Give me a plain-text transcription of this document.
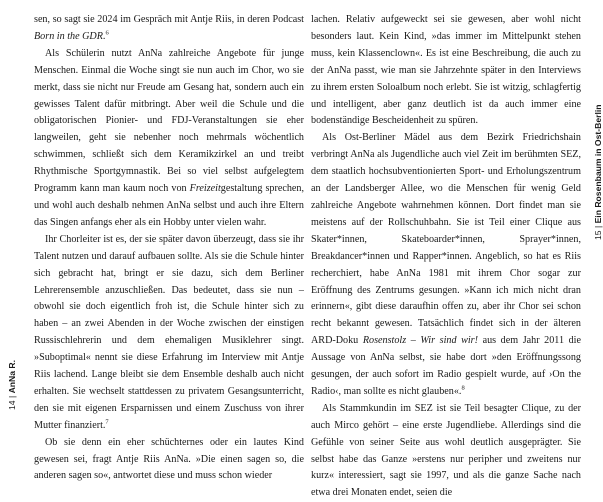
14 | AnNa R.

sen, so sagt sie 2024 im Gespräch mit Antje Riis, in deren Podcast Born in the GDR.$^6$

Als Schülerin nutzt AnNa zahlreiche Angebote für junge Menschen. Einmal die Woche singt sie nun auch im Chor, wo sie merkt, dass sie nicht nur Freude am Gesang hat, sondern auch ein gewisses Talent dafür mitbringt. Aber weil die Schule und die obligatorischen Pionier- und FDJ-Veranstaltungen sie eher langweilen, geht sie nebenher noch mehrmals wöchentlich schwimmen, schließt sich dem Keramikzirkel an und treibt Rhythmische Sportgymnastik. Bei so viel selbst aufgelegtem Programm kann man kaum noch von Freizeitgestaltung sprechen, und wohl auch deshalb nehmen AnNa selbst und auch ihre Eltern das Singen anfangs eher als ein Hobby unter vielen wahr.

Ihr Chorleiter ist es, der sie später davon überzeugt, dass sie ihr Talent nutzen und darauf aufbauen sollte. Als sie die Schule hinter sich gebracht hat, bringt er sie dazu, sich dem Berliner Lehrerensemble anzuschließen. Das bedeutet, dass sie nun – obwohl sie doch eigentlich froh ist, die Schule hinter sich zu haben – an zwei Abenden in der Woche zwischen der einstigen Russischlehrerin und dem ehemaligen Musiklehrer singt. »Suboptimal« nennt sie diese Erfahrung im Interview mit Antje Riis lachend. Lange bleibt sie dem Ensemble deshalb auch nicht erhalten. Sie wechselt stattdessen zu privatem Gesangsunterricht, den sie mit eigenen Ersparnissen und einem Zuschuss von ihrer Mutter finanziert.$^7$

Ob sie denn ein eher schüchternes oder ein lautes Kind gewesen sei, fragt Antje Riis AnNa. »Die einen sagen so, die anderen sagen so«, antwortet diese und muss schon wieder

lachen. Relativ aufgeweckt sei sie gewesen, aber wohl nicht besonders laut. Kein Kind, »das immer im Mittelpunkt stehen muss, kein Klassenclown«. Es ist eine Beschreibung, die auch zu der AnNa passt, wie man sie Jahrzehnte später in den Interviews zu ihrem ersten Soloalbum noch erlebt. Sie ist witzig, schlagfertig und intelligent, aber ganz deutlich ist da auch immer eine bodenständige Bescheidenheit zu spüren.

Als Ost-Berliner Mädel aus dem Bezirk Friedrichshain verbringt AnNa als Jugendliche auch viel Zeit im berühmten SEZ, dem staatlich hochsubventionierten Sport- und Erholungszentrum an der Landsberger Allee, wo die Menschen für wenig Geld zahlreiche Angebote wahrnehmen können. Dort findet man sie meistens auf der Rollschuhbahn. Sie ist Teil einer Clique aus Skater*innen, Skateboarder*innen, Sprayer*innen, Breakdancer*innen und Rapper*innen. Angeblich, so hat es Riis recherchiert, habe AnNa 1981 mit ihrem Chor sogar zur Eröffnung des Zentrums gesungen. »Kann ich mich nicht dran erinnern«, gibt diese daraufhin offen zu, aber ihr Chor sei schon recht bekannt gewesen. Tatsächlich findet sich in der älteren ARD-Doku Rosenstolz – Wir sind wir! aus dem Jahr 2011 die Aussage von AnNa selbst, sie habe dort »den Eröffnungssong gesungen, der auch sofort im Radio gespielt wurde, auf ›On the Radio‹, man sollte es nicht glauben«.$^8$

Als Stammkundin im SEZ ist sie Teil besagter Clique, zu der auch Mirco gehört – eine erste Jugendliebe. Allerdings sind die Gefühle von seiner Seite aus wohl deutlich ausgeprägter. Sie selbst habe das Ganze »erstens nur peripher und zweitens nur kurz« interessiert, sagt sie 1997, und als die ganze Sache nach etwa drei Monaten endet, seien die

15 | Ein Rosenbaum in Ost-Berlin
